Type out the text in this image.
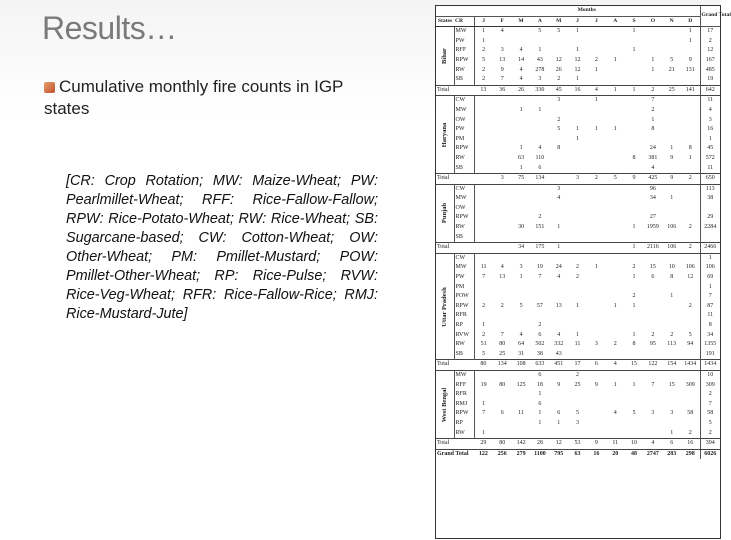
Results…
Cumulative monthly fire counts in IGP states
[CR: Crop Rotation; MW: Maize-Wheat; PW: Pearlmillet-Wheat; RFF: Rice-Fallow-Fallow; RPW: Rice-Potato-Wheat; RW: Rice-Wheat; SB: Sugarcane-based; CW: Cotton-Wheat; OW: Other-Wheat; PM: Pmillet-Mustard; POW: Pmillet-Other-Wheat; RP: Rice-Pulse; RVW: Rice-Veg-Wheat; RFR: Rice-Fallow-Rice; RMJ: Rice-Mustard-Jute]
		Months												Grand Total
States	CR	J	F	M	A	M	J	J	A	S	O	N	D	

Bihar	MW	1	4		5	5	1			1			1	17
	PW	1											1	2
	RFF	2	3	4	1		1			1				12
	RPW	5	13	14	43	12	12	2	1		1	5	9	167
	RW	2	9	4	278	26	12	1			1	21	131	485
	SB	2	7	4	3	2	1							19
Total		13	36	26	330	45	16	4	1	1	2	25	141	642

Haryana	CW					3		1			7			11
	MW			1	1						2			4
	OW					2					1			3
	PW					5	1	1	1		8			16
	PM						1							1
	RPW			1	4	8					24	1	8	45
	RW			63	110					8	381	9	1	572
	SB			1	6						4			11
Total			3	75	134		3	2	5	9	425	9	2	650

Punjab	CW					3					96			113
	MW					4					34	1		38
	OW													
	RPW				2						27			29
	RW			30	151	1				1	1959	106	2	2284
	SB													
Total				34	175	1				1	2116	106	2	2466

Uttar Pradesh	CW													1
	MW	11	4	3	19	24	2	1		2	15	10	106	106
	PW	7	13	1	7	4	2			1	6	8	12	69
	PM													1
	POW									2		1		7
	RPW	2	2	5	57	13	1		1	1			2	87
	RFR													11
	RP	1			2									8
	RVW	2	7	4	6	4	1			1	2	2	5	34
	RW	51	80	64	502	332	11	3	2	8	95	113	94	1355
	SB	5	25	31	38	43								191
Total		80	134	108	633	451	17	6	4	15	122	154	1434	1434

West Bengal	MW				6		2							10
	RFF	19	80	125	18	9	25	9	1	1	7	15	309	309
	RFR				1									2
	RMJ	1			6									7
	RPW	7	6	11	1	6	5		4	5	3	3	58	58
	RP				1	1	3							5
	RW	1										1	2	2
Total		29	80	142	28	12	53	9	11	10	4	6	16	394
Grand Total		122	256	279	1100	795	63	16	20	48	2747	283	298	6026
